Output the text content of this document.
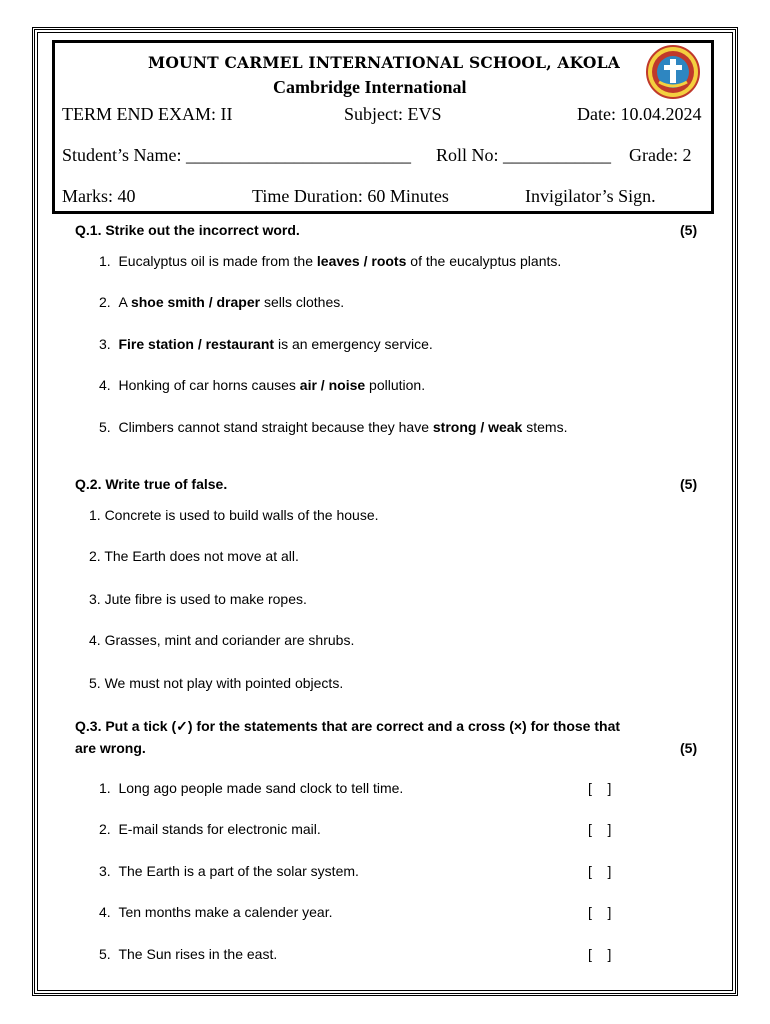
MOUNT CARMEL INTERNATIONAL SCHOOL, AKOLA
Cambridge International
TERM END EXAM: II	Subject: EVS	Date: 10.04.2024
Student’s Name: _________________________ Roll No: ____________ Grade: 2
Marks: 40	Time Duration: 60 Minutes	Invigilator’s Sign.
Q.1. Strike out the incorrect word.	(5)
1. Eucalyptus oil is made from the leaves / roots of the eucalyptus plants.
2. A shoe smith / draper sells clothes.
3. Fire station / restaurant is an emergency service.
4. Honking of car horns causes air / noise pollution.
5. Climbers cannot stand straight because they have strong / weak stems.
Q.2. Write true of false.	(5)
1. Concrete is used to build walls of the house.
2. The Earth does not move at all.
3. Jute fibre is used to make ropes.
4. Grasses, mint and coriander are shrubs.
5. We must not play with pointed objects.
Q.3. Put a tick (✓) for the statements that are correct and a cross (×) for those that
are wrong.	(5)
1. Long ago people made sand clock to tell time.	[    ]
2. E-mail stands for electronic mail.	[    ]
3. The Earth is a part of the solar system.	[    ]
4. Ten months make a calender year.	[    ]
5. The Sun rises in the east.	[    ]
